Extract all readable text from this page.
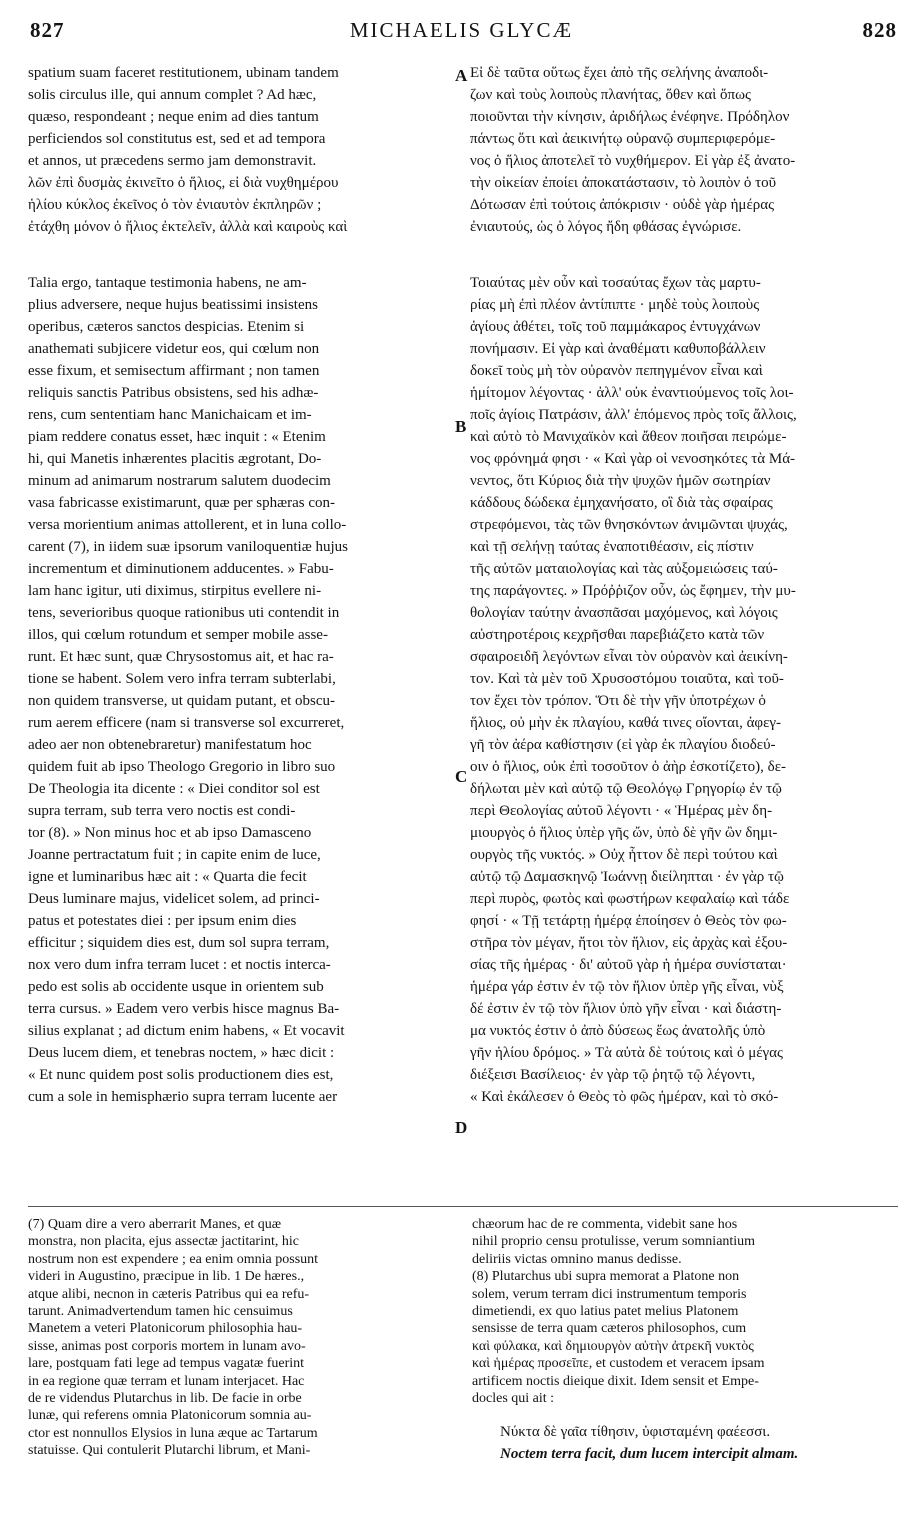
827	MICHAELIS GLYCÆ	828
spatium suam faceret restitutionem, ubinam tandem
solis circulus ille, qui annum complet ? Ad hæc,
quæso, respondeant ; neque enim ad dies tantum
perficiendos sol constitutus est, sed et ad tempora
et annos, ut præcedens sermo jam demonstravit.
λῶν ἐπὶ δυσμὰς ἐκινεῖτο ὁ ἥλιος, εἰ διὰ νυχθημέρου
ἡλίου κύκλος ἐκεῖνος ὁ τὸν ἐνιαυτὸν ἐκπληρῶν ;
ἐτάχθη μόνον ὁ ἥλιος ἐκτελεῖν, ἀλλὰ καὶ καιροὺς καὶ
Εἰ δὲ ταῦτα οὕτως ἔχει ἀπὸ τῆς σελήνης ἀναποδι-
ζων καὶ τοὺς λοιποὺς πλανήτας, ὅθεν καὶ ὅπως
ποιοῦνται τὴν κίνησιν, ἀριδήλως ἐνέφηνε. Πρόδηλον
πάντως ὅτι καὶ ἀεικινήτῳ οὐρανῷ συμπεριφερόμε-
νος ὁ ἥλιος ἀποτελεῖ τὸ νυχθήμερον. Εἰ γὰρ ἐξ ἀνατο-
τὴν οἰκείαν ἐποίει ἀποκατάστασιν, τὸ λοιπὸν ὁ τοῦ
Δότωσαν ἐπὶ τούτοις ἀπόκρισιν · οὐδὲ γὰρ ἡμέρας
ἐνιαυτούς, ὡς ὁ λόγος ἤδη φθάσας ἐγνώρισε.
Talia ergo, tantaque testimonia habens, ne am-
plius adversere, neque hujus beatissimi insistens
operibus, cæteros sanctos despicias. Etenim si
anathemati subjicere videtur eos, qui cœlum non
esse fixum, et semisectum affirmant ; non tamen
reliquis sanctis Patribus obsistens, sed his adhæ-
rens, cum sententiam hanc Manichaicam et im-
piam reddere conatus esset, hæc inquit : « Etenim
hi, qui Manetis inhærentes placitis ægrotant, Do-
minum ad animarum nostrarum salutem duodecim
vasa fabricasse existimarunt, quæ per sphæras con-
versa morientium animas attollerent, et in luna collo-
carent (7), in iidem suæ ipsorum vaniloquentiæ hujus
incrementum et diminutionem adducentes. » Fabu-
lam hanc igitur, uti diximus, stirpitus evellere ni-
tens, severioribus quoque rationibus uti contendit in
illos, qui cœlum rotundum et semper mobile asse-
runt. Et hæc sunt, quæ Chrysostomus ait, et hac ra-
tione se habent. Solem vero infra terram subterlabi,
non quidem transverse, ut quidam putant, et obscu-
rum aerem efficere (nam si transverse sol excurreret,
adeo aer non obtenebraretur) manifestatum hoc
quidem fuit ab ipso Theologo Gregorio in libro suo
De Theologia ita dicente : « Diei conditor sol est
supra terram, sub terra vero noctis est condi-
tor (8). » Non minus hoc et ab ipso Damasceno
Joanne pertractatum fuit ; in capite enim de luce,
igne et luminaribus hæc ait : « Quarta die fecit
Deus luminare majus, videlicet solem, ad princi-
patus et potestates diei : per ipsum enim dies
efficitur ; siquidem dies est, dum sol supra terram,
nox vero dum infra terram lucet : et noctis interca-
pedo est solis ab occidente usque in orientem sub
terra cursus. » Eadem vero verbis hisce magnus Ba-
silius explanat ; ad dictum enim habens, « Et vocavit
Deus lucem diem, et tenebras noctem, » hæc dicit :
« Et nunc quidem post solis productionem dies est,
cum a sole in hemisphærio supra terram lucente aer
Τοιαύτας μὲν οὖν καὶ τοσαύτας ἔχων τὰς μαρτυ-
ρίας μὴ ἐπὶ πλέον ἀντίπιπτε · μηδὲ τοὺς λοιποὺς
ἁγίους ἀθέτει, τοῖς τοῦ παμμάκαρος ἐντυγχάνων
πονήμασιν. Εἰ γὰρ καὶ ἀναθέματι καθυποβάλλειν
δοκεῖ τοὺς μὴ τὸν οὐρανὸν πεπηγμένον εἶναι καὶ
ἡμίτομον λέγοντας · ἀλλ' οὐκ ἐναντιούμενος τοῖς λοι-
ποῖς ἁγίοις Πατράσιν, ἀλλ' ἑπόμενος πρὸς τοῖς ἄλλοις,
καὶ αὐτὸ τὸ Μανιχαϊκὸν καὶ ἄθεον ποιῆσαι πειρώμε-
νος φρόνημά φησι · « Καὶ γὰρ οἱ νενοσηκότες τὰ Μά-
νεντος, ὅτι Κύριος διὰ τὴν ψυχῶν ἡμῶν σωτηρίαν
κάδδους δώδεκα ἐμηχανήσατο, οἳ διὰ τὰς σφαίρας
στρεφόμενοι, τὰς τῶν θνησκόντων ἀνιμῶνται ψυχάς,
καὶ τῇ σελήνῃ ταύτας ἐναποτιθέασιν, εἰς πίστιν
τῆς αὐτῶν ματαιολογίας καὶ τὰς αὐξομειώσεις ταύ-
της παράγοντες. » Πρόῤῥιζον οὖν, ὡς ἔφημεν, τὴν μυ-
θολογίαν ταύτην ἀνασπᾶσαι μαχόμενος, καὶ λόγοις
αὐστηροτέροις κεχρῆσθαι παρεβιάζετο κατὰ τῶν
σφαιροειδῆ λεγόντων εἶναι τὸν οὐρανὸν καὶ ἀεικίνη-
τον. Καὶ τὰ μὲν τοῦ Χρυσοστόμου τοιαῦτα, καὶ τοῦ-
τον ἔχει τὸν τρόπον. Ὅτι δὲ τὴν γῆν ὑποτρέχων ὁ
ἥλιος, οὐ μὴν ἐκ πλαγίου, καθά τινες οἴονται, ἀφεγ-
γῆ τὸν ἀέρα καθίστησιν (εἰ γὰρ ἐκ πλαγίου διοδεύ-
οιν ὁ ἥλιος, οὐκ ἐπὶ τοσοῦτον ὁ ἀὴρ ἐσκοτίζετο), δε-
δήλωται μὲν καὶ αὐτῷ τῷ Θεολόγῳ Γρηγορίῳ ἐν τῷ
περὶ Θεολογίας αὐτοῦ λέγοντι · « Ἡμέρας μὲν δη-
μιουργὸς ὁ ἥλιος ὑπὲρ γῆς ὤν, ὑπὸ δὲ γῆν ὢν δημι-
ουργὸς τῆς νυκτός. » Οὐχ ἧττον δὲ περὶ τούτου καὶ
αὐτῷ τῷ Δαμασκηνῷ Ἰωάννῃ διείληπται · ἐν γὰρ τῷ
περὶ πυρὸς, φωτὸς καὶ φωστήρων κεφαλαίῳ καὶ τάδε
φησί · « Τῇ τετάρτῃ ἡμέρᾳ ἐποίησεν ὁ Θεὸς τὸν φω-
στῆρα τὸν μέγαν, ἤτοι τὸν ἥλιον, εἰς ἀρχὰς καὶ ἐξου-
σίας τῆς ἡμέρας · δι' αὐτοῦ γὰρ ἡ ἡμέρα συνίσταται·
ἡμέρα γάρ ἐστιν ἐν τῷ τὸν ἥλιον ὑπὲρ γῆς εἶναι, νὺξ
δέ ἐστιν ἐν τῷ τὸν ἥλιον ὑπὸ γῆν εἶναι · καὶ διάστη-
μα νυκτός ἐστιν ὁ ἀπὸ δύσεως ἕως ἀνατολῆς ὑπὸ
γῆν ἡλίου δρόμος. » Τὰ αὐτὰ δὲ τούτοις καὶ ὁ μέγας
διέξεισι Βασίλειος· ἐν γὰρ τῷ ῥητῷ τῷ λέγοντι,
« Καὶ ἐκάλεσεν ὁ Θεὸς τὸ φῶς ἡμέραν, καὶ τὸ σκό-
A
B
C
D
(7) Quam dire a vero aberrarit Manes, et quæ
monstra, non placita, ejus assectæ jactitarint, hic
nostrum non est expendere ; ea enim omnia possunt
videri in Augustino, præcipue in lib. 1 De hæres.,
atque alibi, necnon in cæteris Patribus qui ea refu-
tarunt. Animadvertendum tamen hic censuimus
Manetem a veteri Platonicorum philosophia hau-
sisse, animas post corporis mortem in lunam avo-
lare, postquam fati lege ad tempus vagatæ fuerint
in ea regione quæ terram et lunam interjacet. Hac
de re videndus Plutarchus in lib. De facie in orbe
lunæ, qui referens omnia Platonicorum somnia au-
ctor est nonnullos Elysios in luna æque ac Tartarum
statuisse. Qui contulerit Plutarchi librum, et Mani-
chæorum hac de re commenta, videbit sane hos
nihil proprio censu protulisse, verum somniantium
deliriis victas omnino manus dedisse.
(8) Plutarchus ubi supra memorat a Platone non
solem, verum terram dici instrumentum temporis
dimetiendi, ex quo latius patet melius Platonem
sensisse de terra quam cæteros philosophos, cum
καὶ φύλακα, καὶ δημιουργὸν αὐτὴν ἀτρεκῆ νυκτὸς
καὶ ἡμέρας προσεῖπε, et custodem et veracem ipsam
artificem noctis dieique dixit. Idem sensit et Empe-
docles qui ait :
Νύκτα δὲ γαῖα τίθησιν, ὑφισταμένη φαέεσσι.
Noctem terra facit, dum lucem intercipit almam.
